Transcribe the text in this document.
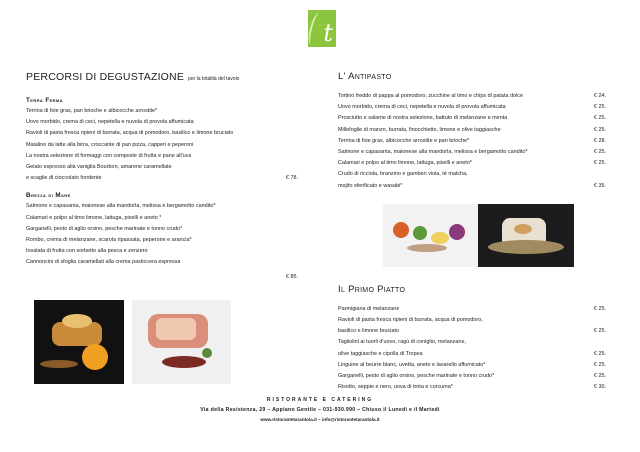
t
PERCORSI DI DEGUSTAZIONE per la totalità del tavolo
Terra Ferma
Terrina di foie gras, pan brioche e albicocche arrostite*
Uovo morbido, crema di ceci, nepetella e nuvola di provola affumicata
Ravioli di pasta fresca ripieni di burrata, acqua di pomodoro, basilico e limone bruciato
Maialino da latte alla birra, croccante di pan pizza, capperi e peperoni
La nostra selezione di formaggi con composte di frutta e pane all'uva
Gelato espresso alla vaniglia Bourbon, amarene caramellate
e scaglie di cioccolato fondente	€ 78.
Brezza di Mare
Salmone e capasanta, maionese alla mandorla, melissa e bergamotto candito*
Calamari e polpo al timo limone, lattuga, piselli e aneto *
Garganelli, pesto di aglio orsino, pesche marinate e tonno crudo*
Rombo, crema di melanzane, scarola ripassata, peperone e arancia*
Insalata di frutta con sorbetto alla pesca e zenzero
Cannoncini di sfoglia caramellati alla crema pasticcera espressa
€ 85.
L' Antipasto
Tortino freddo di pappa al pomodoro, zucchine al timo e chips di patata dolce	€ 24.
Uovo morbido, crema di ceci, nepetella e nuvola di provola affumicata	€ 25.
Prosciutto e salame di nostra selezione, battuto di melanzane e menta	€ 25.
Millefoglie di manzo, burrata, finocchietto, limone e olive taggiasche	€ 25.
Terrina di foie gras, albicocche arrostite e pan brioche*	€ 28.
Salmone e capasanta, maionese alla mandorla, melissa e bergamotto candito*	€ 25.
Calamari e polpo al timo limone, lattuga, piselli e aneto*	€ 25.
Crudo di ricciola, branzino e gamberi viola, té matcha,
mojito sferificato e wasabi*	€ 35.
Il Primo Piatto
Parmigiana di melanzane	€ 25.
Ravioli di pasta fresca ripieni di burrata, acqua di pomodoro,
basilico e limone bruciato	€ 25.
Tagliolini ai tuorli d'uovo, ragù di coniglio, melanzane,
olive taggiasche e cipolla di Tropea	€ 25.
Linguine al beurre blanc, uvetta, aneto e lavarello affumicato*	€ 25.
Garganelli, pesto di aglio orsino, pesche marinate e tonno crudo*	€ 25.
Risotto, seppie e nero, uova di trota e curcuma*	€ 30.
RISTORANTE E CATERING
Via della Resistenza, 29 – Appiano Gentile – 031-930.990 – Chiuso il Lunedì e il Martedì
www.ristorantetarantola.it – info@ristorantetarantola.it
